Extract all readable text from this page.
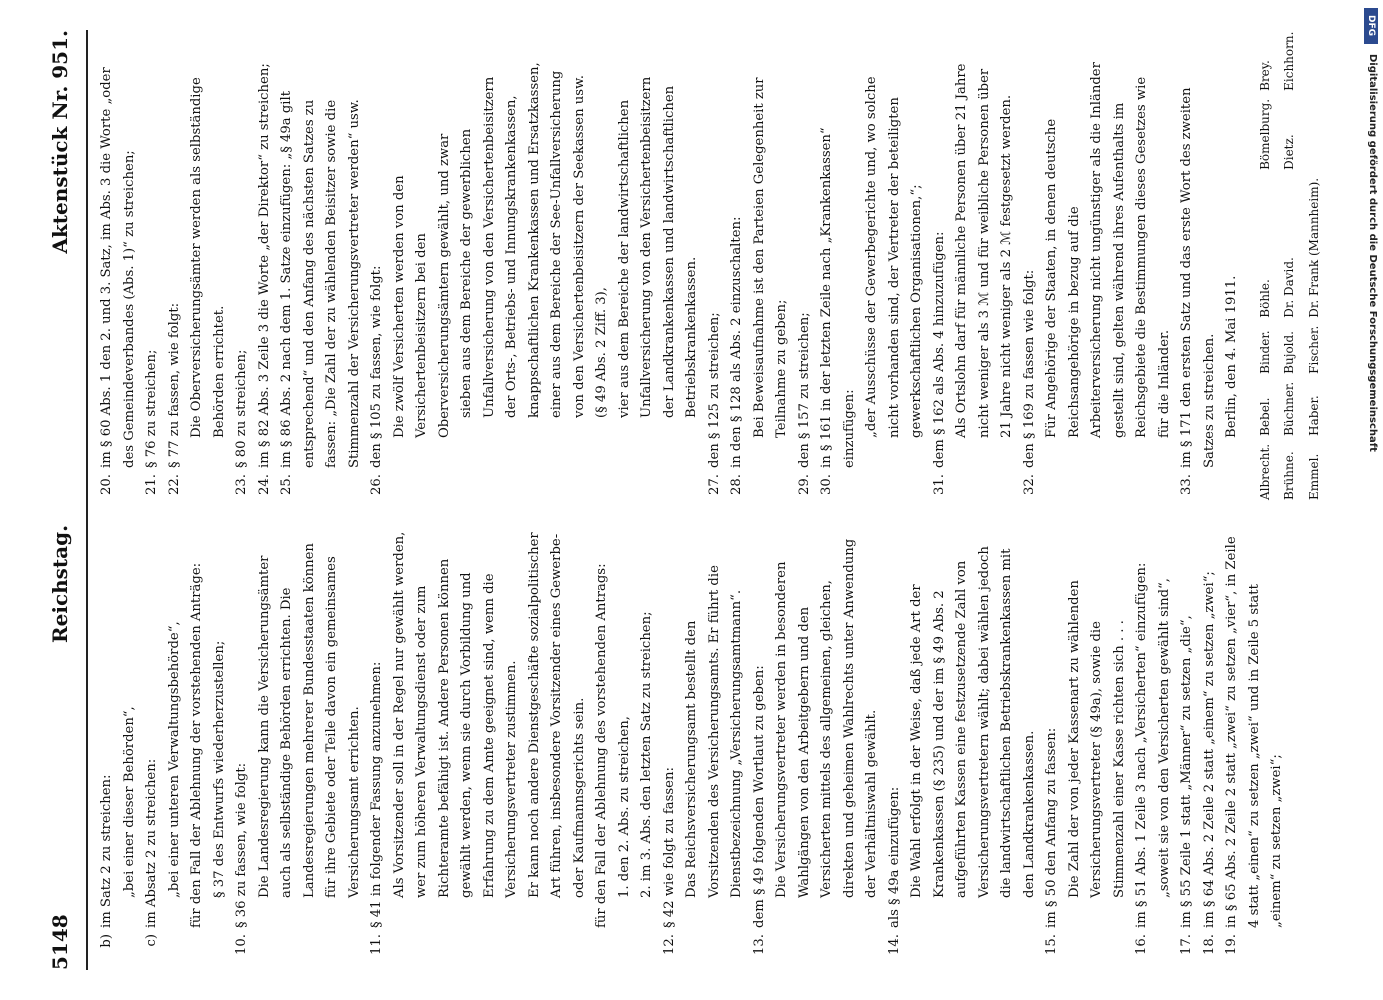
5148
Reichstag.
Aktenstück Nr. 951.
b)
im Satz 2 zu streichen: „bei einer dieser Behörden“,
c)
im Absatz 2 zu streichen: „bei einer unteren Verwaltungsbehörde“, für den Fall der Ablehnung der vorstehenden Anträge: § 37 des Entwurfs wiederherzustellen;
10.
§ 36 zu fassen, wie folgt: Die Landesregierung kann die Versicherungsämter auch als selbständige Behörden errichten. Die Landesregierungen mehrerer Bundesstaaten können für ihre Gebiete oder Teile davon ein gemeinsames Versicherungsamt errichten.
11.
§ 41 in folgender Fassung anzunehmen: Als Vorsitzender soll in der Regel nur gewählt werden, wer zum höheren Verwaltungsdienst oder zum Richteramte befähigt ist. Andere Personen können gewählt werden, wenn sie durch Vorbildung und Erfahrung zu dem Amte geeignet sind, wenn die Versicherungsvertreter zustimmen. Er kann noch andere Dienstgeschäfte sozialpolitischer Art führen, insbesondere Vorsitzender eines Gewerbe- oder Kaufmannsgerichts sein. für den Fall der Ablehnung des vorstehenden Antrags: 1. den 2. Abs. zu streichen, 2. im 3. Abs. den letzten Satz zu streichen;
12.
§ 42 wie folgt zu fassen: Das Reichsversicherungsamt bestellt den Vorsitzenden des Versicherungsamts. Er führt die Dienstbezeichnung „Versicherungsamtmann“.
13.
dem § 49 folgenden Wortlaut zu geben: Die Versicherungsvertreter werden in besonderen Wahlgängen von den Arbeitgebern und den Versicherten mittels des allgemeinen, gleichen, direkten und geheimen Wahlrechts unter Anwendung der Verhältniswahl gewählt.
14.
als § 49a einzufügen: Die Wahl erfolgt in der Weise, daß jede Art der Krankenkassen (§ 235) und der im § 49 Abs. 2 aufgeführten Kassen eine festzusetzende Zahl von Versicherungsvertretern wählt; dabei wählen jedoch die landwirtschaftlichen Betriebskrankenkassen mit den Landkrankenkassen.
15.
im § 50 den Anfang zu fassen: Die Zahl der von jeder Kassenart zu wählenden Versicherungsvertreter (§ 49a), sowie die Stimmenzahl einer Kasse richten sich . . .
16.
im § 51 Abs. 1 Zeile 3 nach „Versicherten“ einzufügen: „soweit sie von den Versicherten gewählt sind“,
17.
im § 55 Zeile 1 statt „Männer“ zu setzen „die“,
18.
im § 64 Abs. 2 Zeile 2 statt „einem“ zu setzen „zwei“;
19.
in § 65 Abs. 2 Zeile 2 statt „zwei“ zu setzen „vier“, in Zeile 4 statt „einen“ zu setzen „zwei“ und in Zeile 5 statt „einem“ zu setzen „zwei“;
20.
im § 60 Abs. 1 den 2. und 3. Satz, im Abs. 3 die Worte „oder des Gemeindeverbandes (Abs. 1)“ zu streichen;
21.
§ 76 zu streichen;
22.
§ 77 zu fassen, wie folgt: Die Oberversicherungsämter werden als selbständige Behörden errichtet.
23.
§ 80 zu streichen;
24.
im § 82 Abs. 3 Zeile 3 die Worte „der Direktor“ zu streichen;
25.
im § 86 Abs. 2 nach dem 1. Satze einzufügen: „§ 49a gilt entsprechend“ und den Anfang des nächsten Satzes zu fassen: „Die Zahl der zu wählenden Beisitzer sowie die Stimmenzahl der Versicherungsvertreter werden“ usw.
26.
den § 105 zu fassen, wie folgt: Die zwölf Versicherten werden von den Versichertenbeisitzern bei den Oberversicherungsämtern gewählt, und zwar sieben aus dem Bereiche der gewerblichen Unfallversicherung von den Versichertenbeisitzern der Orts-, Betriebs- und Innungskrankenkassen, knappschaftlichen Krankenkassen und Ersatzkassen, einer aus dem Bereiche der See-Unfallversicherung von den Versichertenbeisitzern der Seekassen usw. (§ 49 Abs. 2 Ziff. 3), vier aus dem Bereiche der landwirtschaftlichen Unfallversicherung von den Versichertenbeisitzern der Landkrankenkassen und landwirtschaftlichen Betriebskrankenkassen.
27.
den § 125 zu streichen;
28.
in den § 128 als Abs. 2 einzuschalten: Bei Beweisaufnahme ist den Parteien Gelegenheit zur Teilnahme zu geben;
29.
den § 157 zu streichen;
30.
in § 161 in der letzten Zeile nach „Krankenkassen“ einzufügen: „der Ausschüsse der Gewerbegerichte und, wo solche nicht vorhanden sind, der Vertreter der beteiligten gewerkschaftlichen Organisationen,“;
31.
dem § 162 als Abs. 4 hinzuzufügen: Als Ortslohn darf für männliche Personen über 21 Jahre nicht weniger als 3 ℳ und für weibliche Personen über 21 Jahre nicht weniger als 2 ℳ festgesetzt werden.
32.
den § 169 zu fassen wie folgt: Für Angehörige der Staaten, in denen deutsche Reichsangehörige in bezug auf die Arbeiterversicherung nicht ungünstiger als die Inländer gestellt sind, gelten während ihres Aufenthalts im Reichsgebiete die Bestimmungen dieses Gesetzes wie für die Inländer.
33.
im § 171 den ersten Satz und das erste Wort des zweiten Satzes zu streichen. Berlin, den 4. Mai 1911.
Albrecht.
Bebel.
Binder.
Böhle.
Bömelburg.
Brey.
Brühne.
Büchner.
Bujold.
Dr. David.
Dietz.
Eichhorn.
Emmel.
Haber.
Fischer.
Dr. Frank (Mannheim).
DFG
Digitalisierung gefördert durch die Deutsche Forschungsgemeinschaft
